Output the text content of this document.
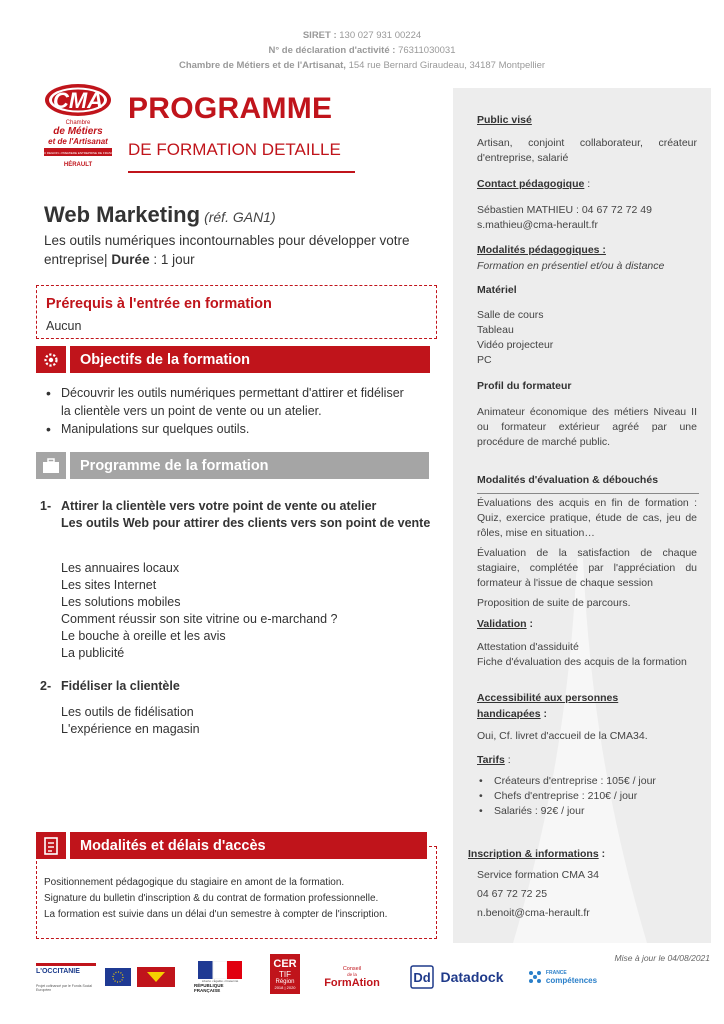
SIRET : 130 027 931 00224
N° de déclaration d'activité : 76311030031
Chambre de Métiers et de l'Artisanat, 154 rue Bernard Giraudeau, 34187 Montpellier
CMA
Chambre
de Métiers
et de l'Artisanat
CCI REGION • PREMIERE ENTREPRISE DE FRANCE
HÉRAULT
PROGRAMME
DE FORMATION DETAILLE
Web Marketing (réf. GAN1)
Les outils numériques incontournables pour développer votre entreprise| Durée : 1 jour
Prérequis à l'entrée en formation
Aucun
Objectifs de la formation
• Découvrir les outils numériques permettant d'attirer et fidéliser la clientèle vers un point de vente ou un atelier.
• Manipulations sur quelques outils.
Programme de la formation
1- Attirer la clientèle vers votre point de vente ou atelier
Les outils Web pour attirer des clients vers son point de vente
Les annuaires locaux
Les sites Internet
Les solutions mobiles
Comment réussir son site vitrine ou e-marchand ?
Le bouche à oreille et les avis
La publicité
2- Fidéliser la clientèle
Les outils de fidélisation
L'expérience en magasin
Modalités et délais d'accès
Positionnement pédagogique du stagiaire en amont de la formation.
Signature du bulletin d'inscription & du contrat de formation professionnelle.
La formation est suivie dans un délai d'un semestre à compter de l'inscription.
Public visé
Artisan, conjoint collaborateur, créateur d'entreprise, salarié
Contact pédagogique :
Sébastien MATHIEU : 04 67 72 72 49
s.mathieu@cma-herault.fr
Modalités pédagogiques :
Formation en présentiel et/ou à distance
Matériel
Salle de cours
Tableau
Vidéo projecteur
PC
Profil du formateur
Animateur économique des métiers Niveau II ou formateur extérieur agréé par une procédure de marché public.
Modalités d'évaluation & débouchés
Évaluations des acquis en fin de formation : Quiz, exercice pratique, étude de cas, jeu de rôles, mise en situation…
Évaluation de la satisfaction de chaque stagiaire, complétée par l'appréciation du formateur à l'issue de chaque session
Proposition de suite de parcours.
Validation :
Attestation d'assiduité
Fiche d'évaluation des acquis de la formation
Accessibilité aux personnes
handicapées :
Oui, Cf. livret d'accueil de la CMA34.
Tarifs :
• Créateurs d'entreprise : 105€ / jour
• Chefs d'entreprise : 210€ / jour
• Salariés : 92€ / jour
Inscription & informations :
Service formation CMA 34
04 67 72 72 25
n.benoit@cma-herault.fr
Mise à jour le 04/08/2021
L'OCCITANIE
Projet cofinancé par le Fonds Social Européen
Liberté • Égalité • Fraternité
RÉPUBLIQUE FRANÇAISE
CER
TIF
Région
2018 | 2020
Conseil
de la
FormAtion	Dd Datadock	FRANCE
compétences
